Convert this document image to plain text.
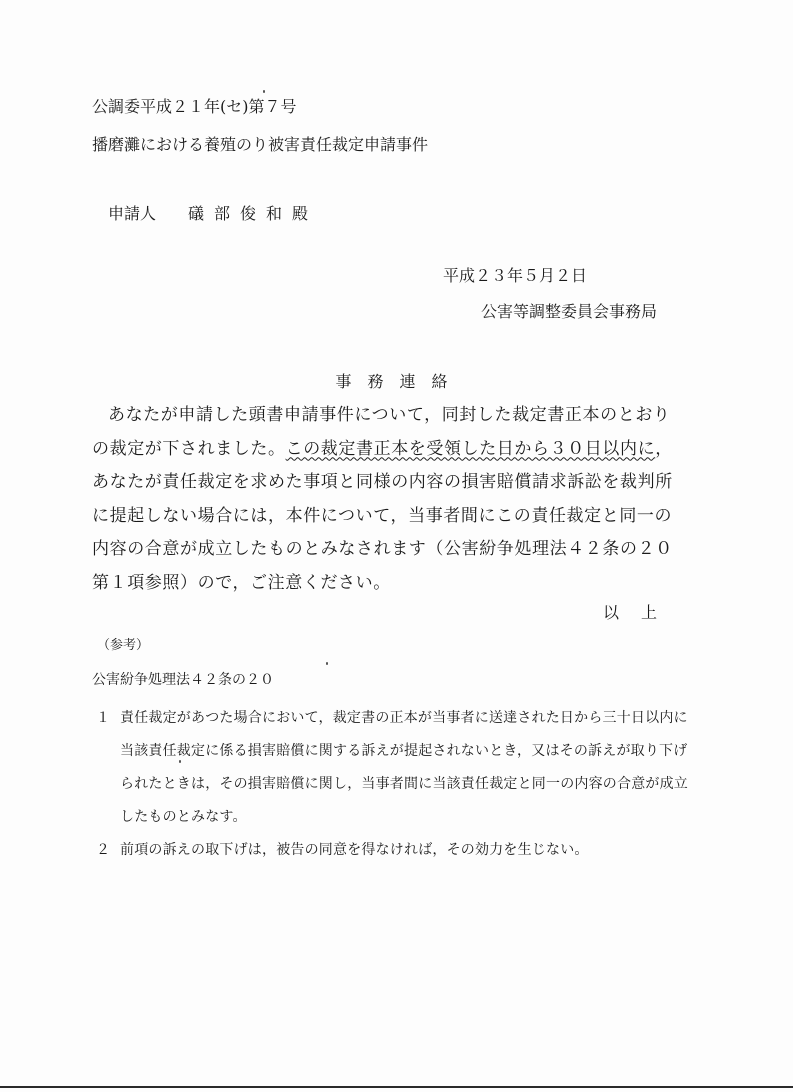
公調委平成２１年(セ)第７号
播磨灘における養殖のり被害責任裁定申請事件
申請人 礒部俊和殿
平成２３年５月２日
公害等調整委員会事務局
事務連絡
あなたが申請した頭書申請事件について，同封した裁定書正本のとおりの裁定が下されました。この裁定書正本を受領した日から３０日以内に，あなたが責任裁定を求めた事項と同様の内容の損害賠償請求訴訟を裁判所に提起しない場合には，本件について，当事者間にこの責任裁定と同一の内容の合意が成立したものとみなされます（公害紛争処理法４２条の２０第１項参照）ので，ご注意ください。
以上
（参考）
公害紛争処理法４２条の２０
１ 責任裁定があつた場合において，裁定書の正本が当事者に送達された日から三十日以内に当該責任裁定に係る損害賠償に関する訴えが提起されないとき，又はその訴えが取り下げられたときは，その損害賠償に関し，当事者間に当該責任裁定と同一の内容の合意が成立したものとみなす。
２ 前項の訴えの取下げは，被告の同意を得なければ，その効力を生じない。
